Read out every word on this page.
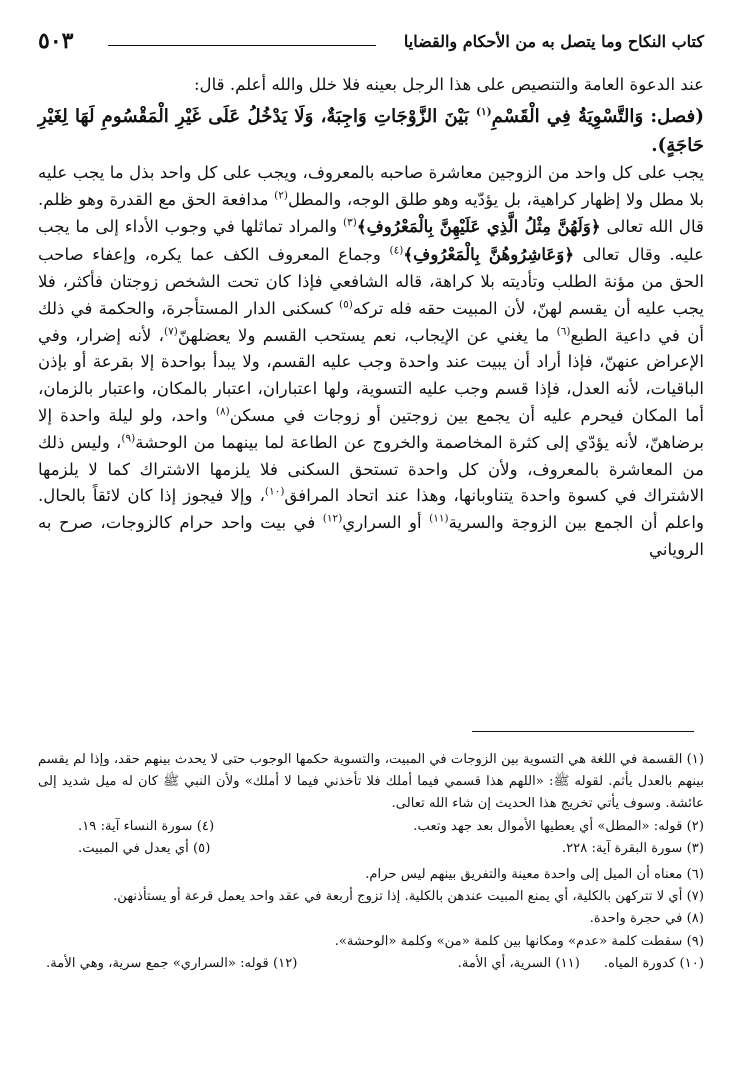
كتاب النكاح وما يتصل به من الأحكام والقضايا
٥٠٣

عند الدعوة العامة والتنصيص على هذا الرجل بعينه فلا خلل والله أعلم. قال:

(فصل: وَالتَّسْوِيَةُ فِي الْقَسْمِ$^{(١)}$ بَيْنَ الزَّوْجَاتِ وَاجِبَةٌ، وَلَا يَدْخُلُ عَلَى غَيْرِ الْمَقْسُومِ لَهَا لِغَيْرِ حَاجَةٍ).

يجب على كل واحد من الزوجين معاشرة صاحبه بالمعروف، ويجب على كل واحد بذل ما يجب عليه بلا مطل ولا إظهار كراهية، بل يؤدّيه وهو طلق الوجه، والمطل$^{(٢)}$ مدافعة الحق مع القدرة وهو ظلم. قال الله تعالى ﴿وَلَهُنَّ مِثْلُ الَّذِي عَلَيْهِنَّ بِالْمَعْرُوفِ﴾$^{(٣)}$ والمراد تماثلها في وجوب الأداء إلى ما يجب عليه. وقال تعالى ﴿وَعَاشِرُوهُنَّ بِالْمَعْرُوفِ﴾$^{(٤)}$ وجماع المعروف الكف عما يكره، وإعفاء صاحب الحق من مؤنة الطلب وتأديته بلا كراهة، قاله الشافعي فإذا كان تحت الشخص زوجتان فأكثر، فلا يجب عليه أن يقسم لهنّ، لأن المبيت حقه فله تركه$^{(٥)}$ كسكنى الدار المستأجرة، والحكمة في ذلك أن في داعية الطبع$^{(٦)}$ ما يغني عن الإيجاب، نعم يستحب القسم ولا يعضلهنّ$^{(٧)}$، لأنه إضرار، وفي الإعراض عنهنّ، فإذا أراد أن يبيت عند واحدة وجب عليه القسم، ولا يبدأ بواحدة إلا بقرعة أو بإذن الباقيات، لأنه العدل، فإذا قسم وجب عليه التسوية، ولها اعتباران، اعتبار بالمكان، واعتبار بالزمان، أما المكان فيحرم عليه أن يجمع بين زوجتين أو زوجات في مسكن$^{(٨)}$ واحد، ولو ليلة واحدة إلا برضاهنّ، لأنه يؤدّي إلى كثرة المخاصمة والخروج عن الطاعة لما بينهما من الوحشة$^{(٩)}$، وليس ذلك من المعاشرة بالمعروف، ولأن كل واحدة تستحق السكنى فلا يلزمها الاشتراك كما لا يلزمها الاشتراك في كسوة واحدة يتناوبانها، وهذا عند اتحاد المرافق$^{(١٠)}$، وإلا فيجوز إذا كان لائقاً بالحال. واعلم أن الجمع بين الزوجة والسرية$^{(١١)}$ أو السراري$^{(١٢)}$ في بيت واحد حرام كالزوجات، صرح به الروياني

(١) القسمة في اللغة هي التسوية بين الزوجات في المبيت، والتسوية حكمها الوجوب حتى لا يحدث بينهم حقد، وإذا لم يقسم بينهم بالعدل يأثم. لقوله ﷺ: «اللهم هذا قسمي فيما أملك فلا تأخذني فيما لا أملك» ولأن النبي ﷺ كان له ميل شديد إلى عائشة. وسوف يأتي تخريج هذا الحديث إن شاء الله تعالى.

(٢) قوله: «المطل» أي يعطيها الأموال بعد جهد وتعب.

(٤) سورة النساء آية: ١٩.

(٣) سورة البقرة آية: ٢٢٨.

(٥) أي يعدل في المبيت.

(٦) معناه أن الميل إلى واحدة معينة والتفريق بينهم ليس حرام.

(٧) أي لا تتركهن بالكلية، أي يمنع المبيت عندهن بالكلية. إذا تزوج أربعة في عقد واحد يعمل قرعة أو يستأذنهن.

(٨) في حجرة واحدة.

(٩) سقطت كلمة «عدم» ومكانها بين كلمة «من» وكلمة «الوحشة».

(١٠) كدورة المياه.

(١١) السرية، أي الأمة.

(١٢) قوله: «السراري» جمع سرية، وهي الأمة.
